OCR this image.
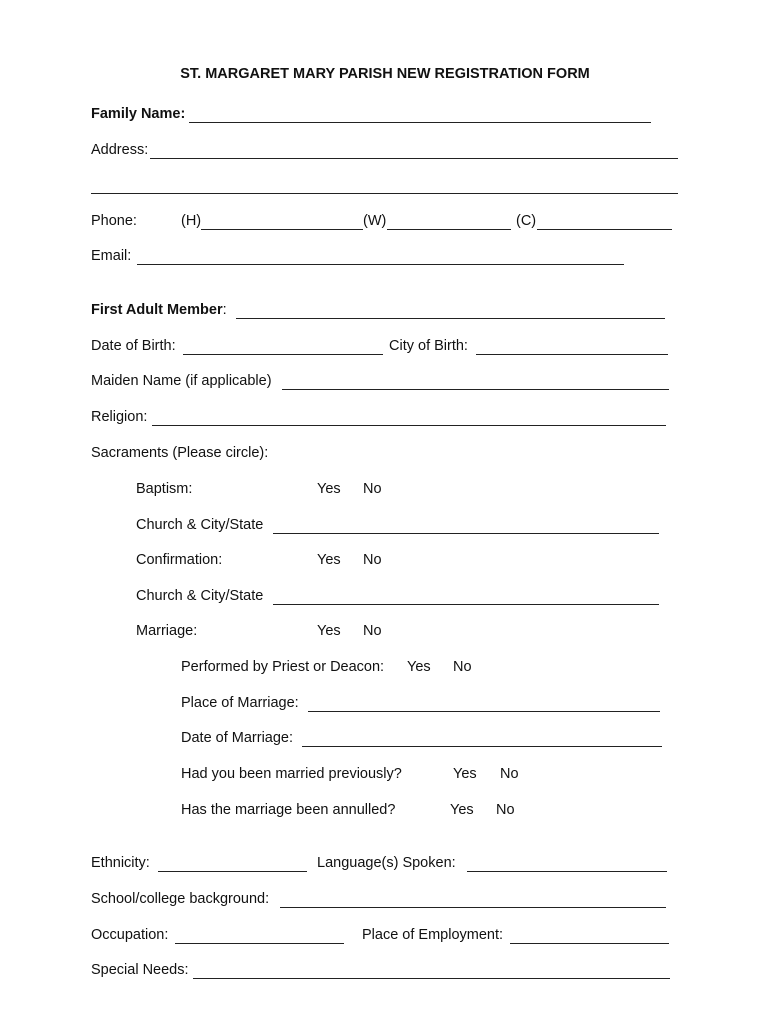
ST. MARGARET MARY PARISH NEW REGISTRATION FORM
Family Name:
Address:
Phone:	(H)	(W)	(C)
Email:
First Adult Member:
Date of Birth:	City of Birth:
Maiden Name (if applicable)
Religion:
Sacraments (Please circle):
Baptism:	Yes No
Church & City/State
Confirmation:	Yes No
Church & City/State
Marriage:	Yes No
Performed by Priest or Deacon: Yes No
Place of Marriage:
Date of Marriage:
Had you been married previously?	Yes No
Has the marriage been annulled?	Yes No
Ethnicity:	Language(s) Spoken:
School/college background:
Occupation:	Place of Employment:
Special Needs:
